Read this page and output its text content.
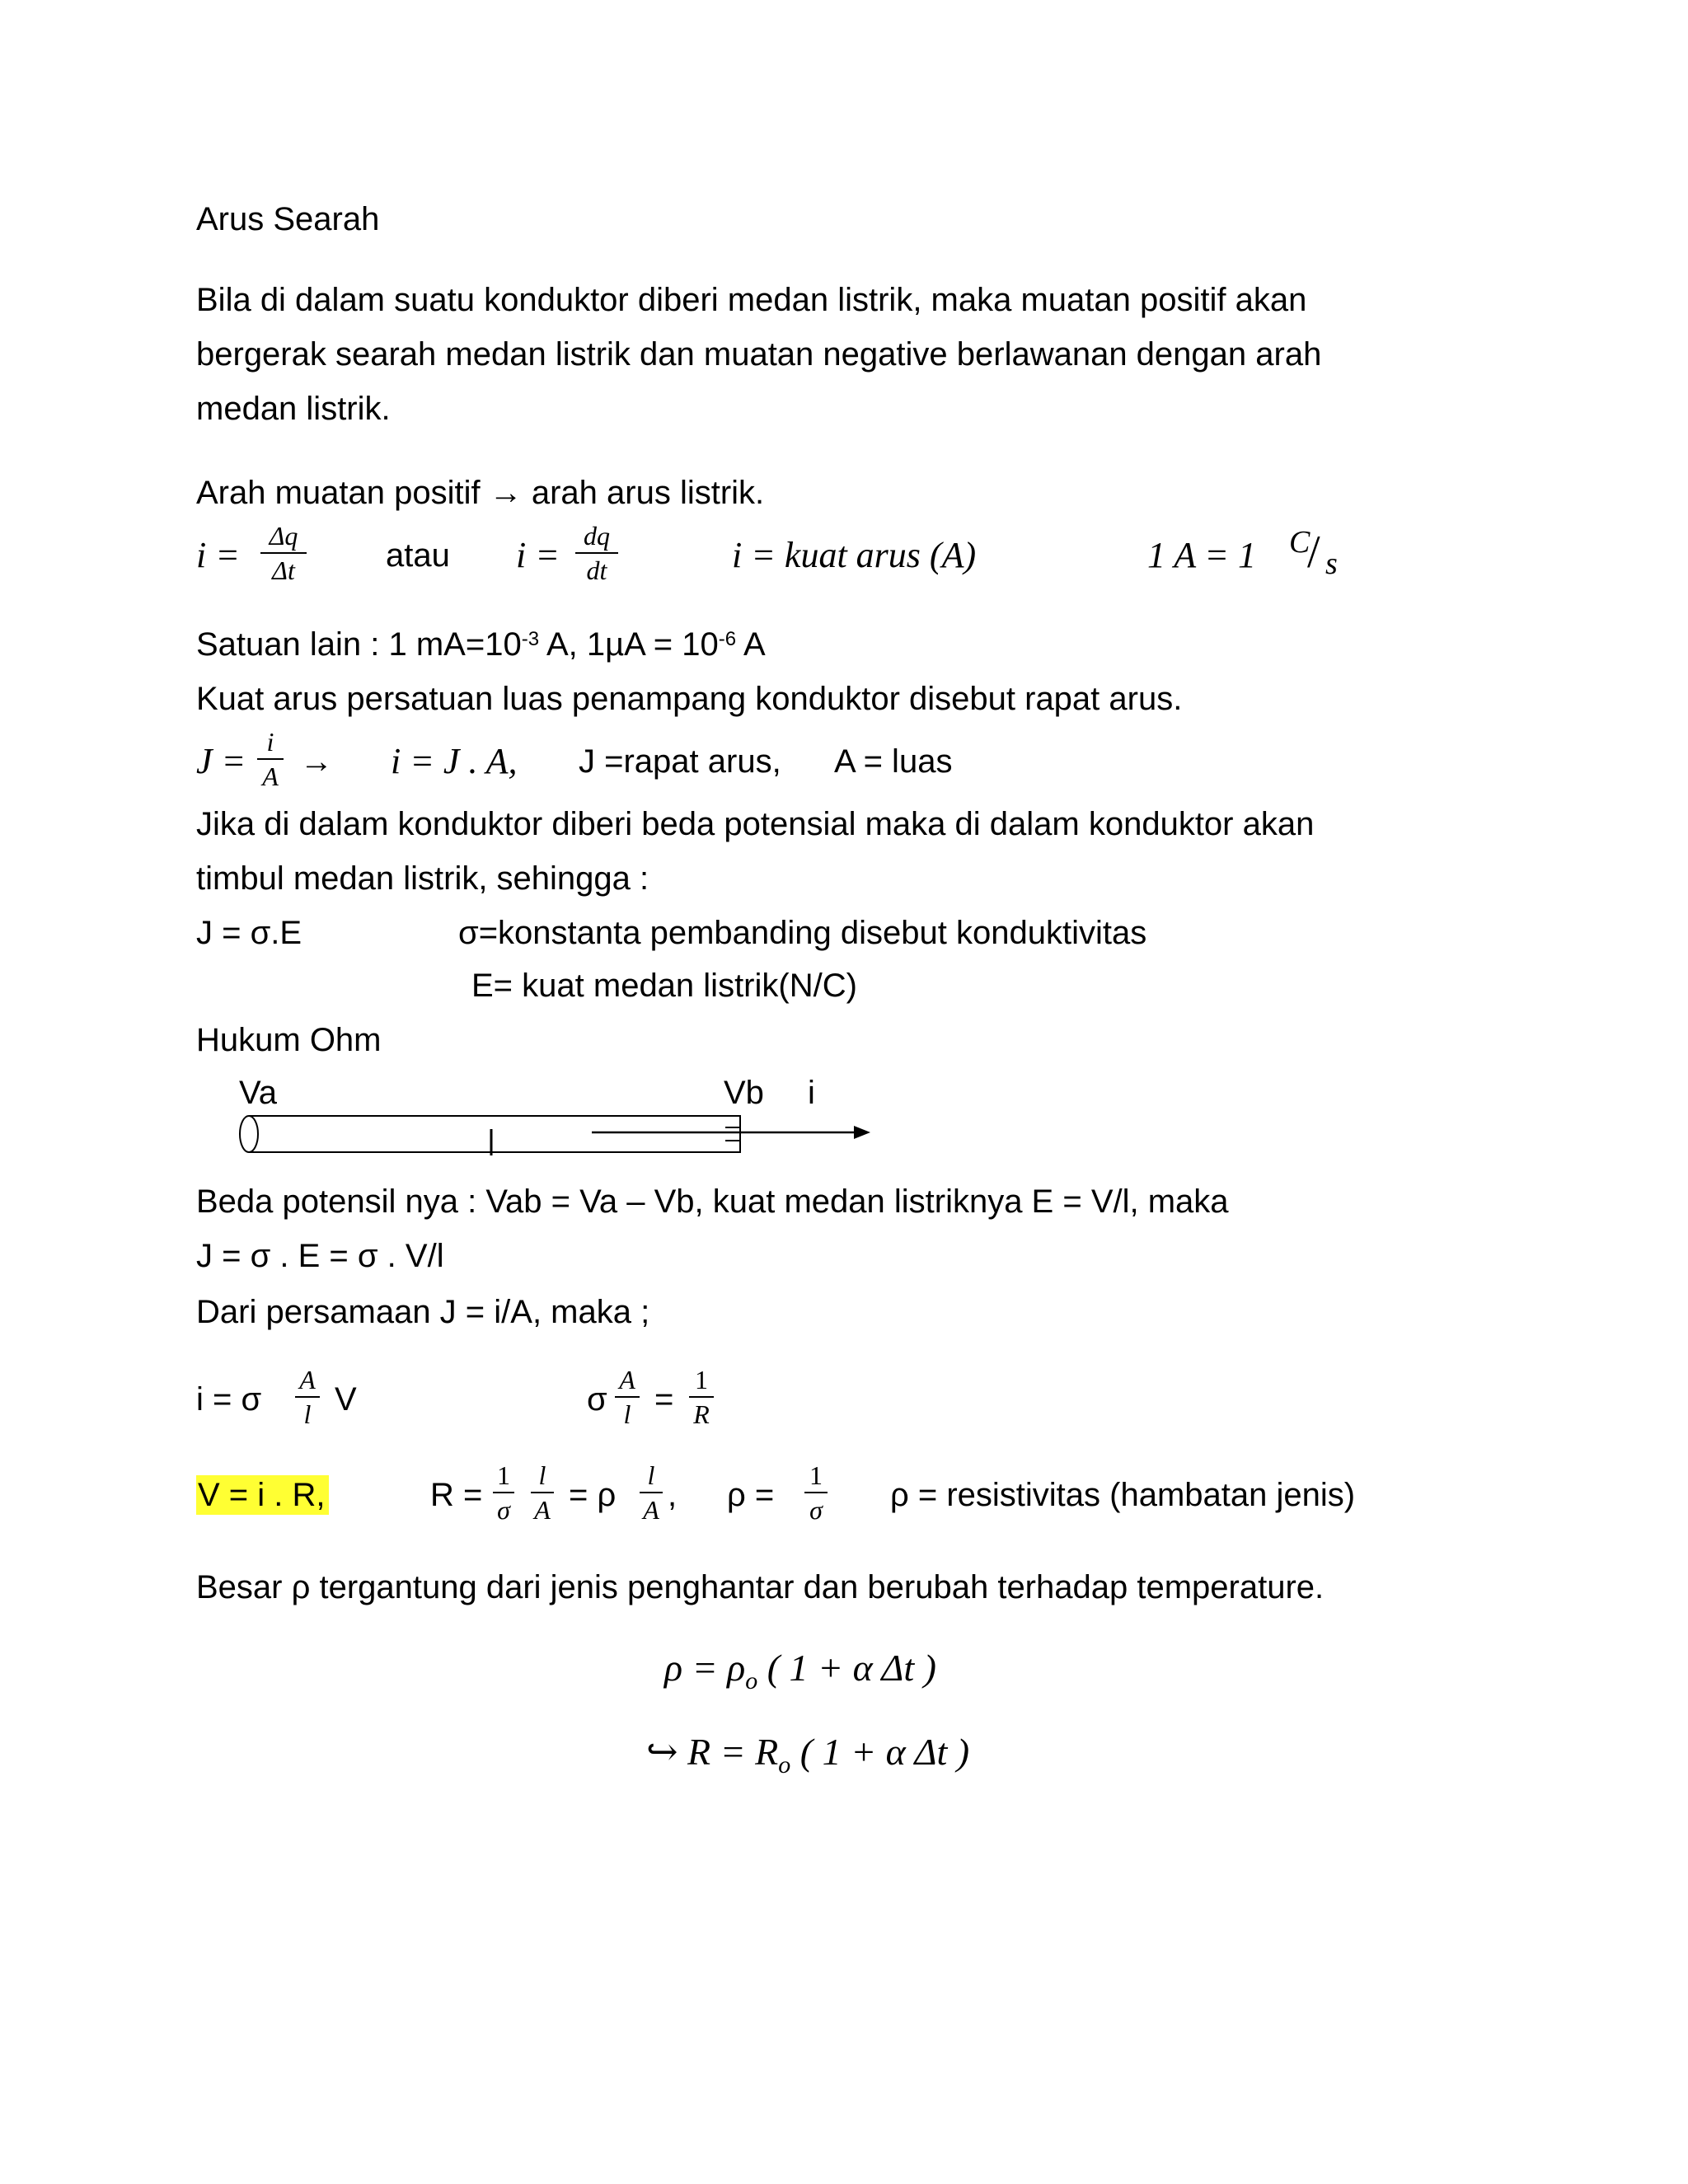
Arus Searah
Bila di dalam suatu konduktor diberi medan listrik, maka muatan positif akan
bergerak searah medan listrik dan muatan negative berlawanan dengan arah
medan listrik.
Arah muatan positif → arah arus listrik.
i =	Δq
Δt	atau i = dq
dt	i = kuat arus (A)	1 A = 1 C
/ s
Satuan lain : 1 $mA=10^{-3}$ A, $1\mu A = 10^{-6}$ A
Kuat arus persatuan luas penampang konduktor disebut rapat arus.
J = i
A → i = J . A, J =rapat arus, A = luas
Jika di dalam konduktor diberi beda potensial maka di dalam konduktor akan
timbul medan listrik, sehingga :
J = σ.E	σ=konstanta pembanding disebut konduktivitas
E= kuat medan listrik(N/C)
Hukum Ohm
Va	Vb i
Beda potensil nya : Vab = Va – Vb, kuat medan listriknya E = V/l, maka
J = σ . E = σ . V/l
Dari persamaan J = i/A, maka ;
i = σ
A
l V	σ
A
l =
1
R
V = i . R,	R =
1
σ
l
A = ρ
l
A , ρ =
1
σ ρ = resistivitas (hambatan jenis)
Besar ρ tergantung dari jenis penghantar dan berubah terhadap temperature.
$\rho = \rho_o$ ( 1 + α Δt )
↪ $R = R_o$ ( 1 + α Δt )
